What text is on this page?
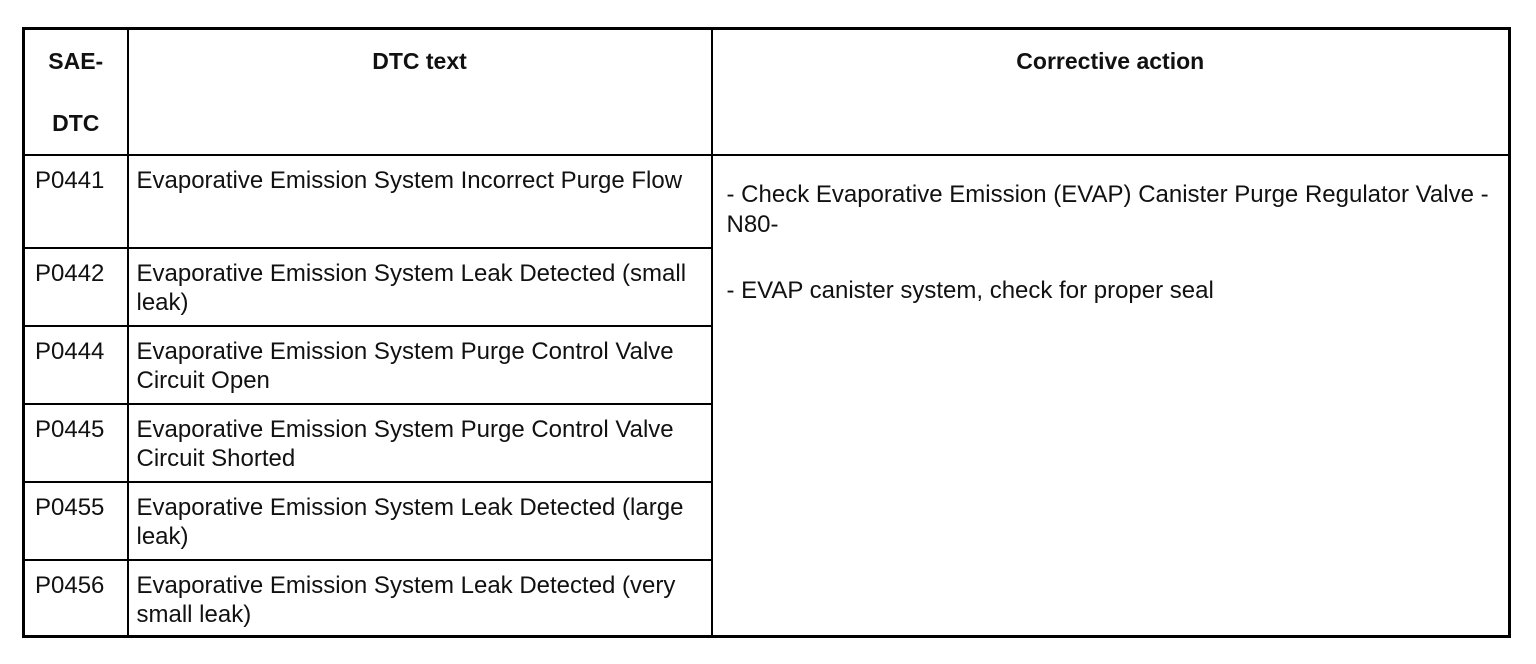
SAE-
DTC	DTC text	Corrective action
P0441	Evaporative Emission System Incorrect Purge Flow	- Check Evaporative Emission (EVAP) Canister Purge Regulator Valve -N80-
- EVAP canister system, check for proper seal

P0442	Evaporative Emission System Leak Detected (small leak)	
P0444	Evaporative Emission System Purge Control Valve Circuit Open	
P0445	Evaporative Emission System Purge Control Valve Circuit Shorted	
P0455	Evaporative Emission System Leak Detected (large leak)	
P0456	Evaporative Emission System Leak Detected (very small leak)	
